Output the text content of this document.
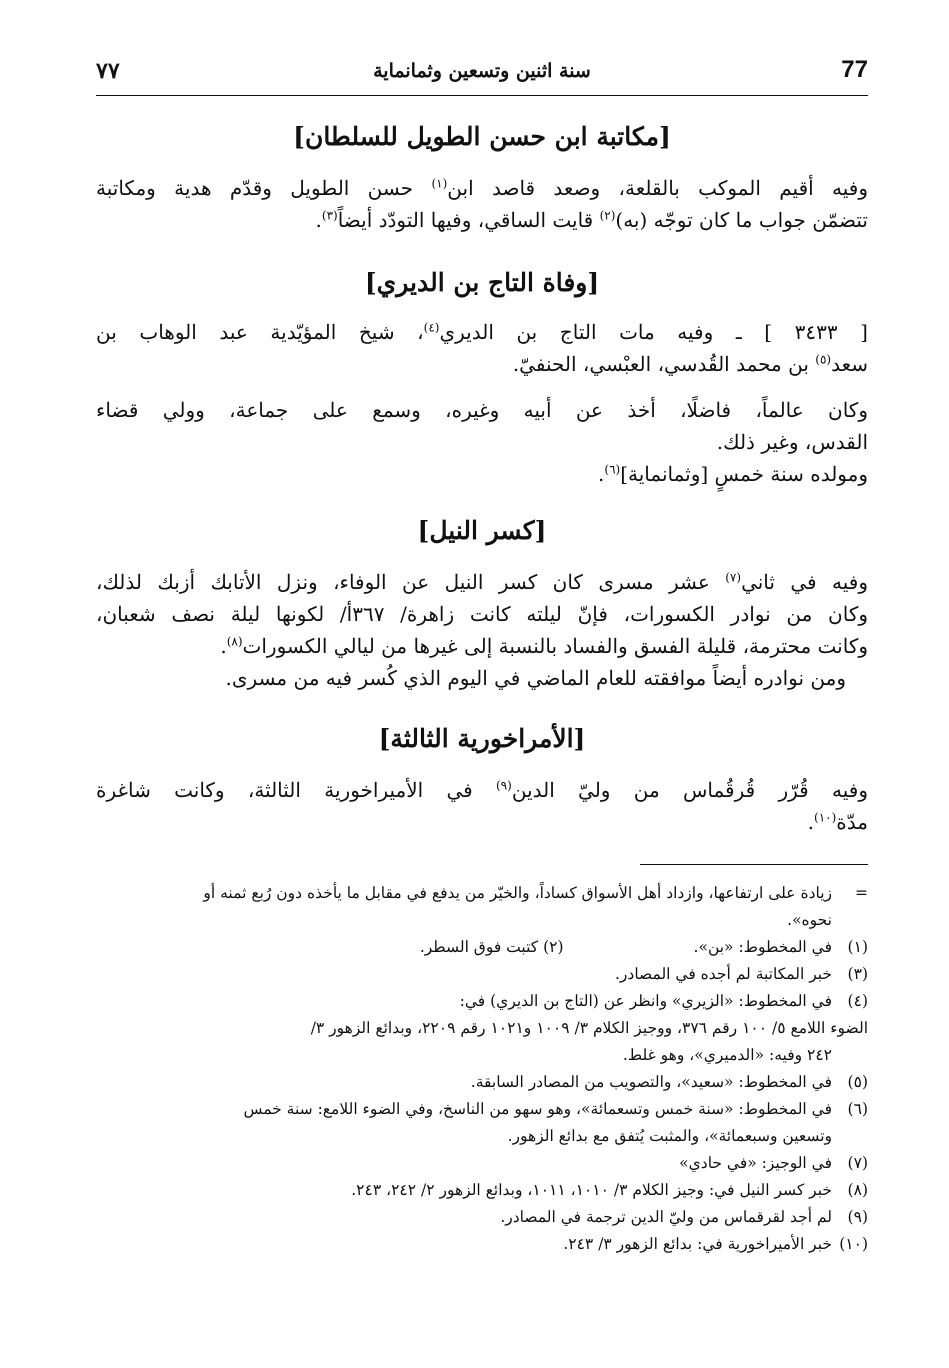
77
سنة اثنين وتسعين وثمانماية
٧٧
[مكاتبة ابن حسن الطويل للسلطان]
وفيه أقيم الموكب بالقلعة، وصعد قاصد ابن$^{(١)}$ حسن الطويل وقدّم هدية ومكاتبة
تتضمّن جواب ما كان توجّه (به)$^{(٢)}$ قايت الساقي، وفيها التودّد أيضاً$^{(٣)}$.
[وفاة التاج بن الديري]
[ ٣٤٣٣ ] ـ وفيه مات التاج بن الديري$^{(٤)}$، شيخ المؤيّدية عبد الوهاب بن
سعد$^{(٥)}$ بن محمد القُدسي، العبْسي، الحنفيّ.
وكان عالماً، فاضلًا، أخذ عن أبيه وغيره، وسمع على جماعة، وولي قضاء
القدس، وغير ذلك.
ومولده سنة خمسٍ [وثمانماية]$^{(٦)}$.
[كسر النيل]
وفيه في ثاني$^{(٧)}$ عشر مسرى كان كسر النيل عن الوفاء، ونزل الأتابك أزبك لذلك،
وكان من نوادر الكسورات، فإنّ ليلته كانت زاهرة/ ٣٦٧أ/ لكونها ليلة نصف شعبان،
وكانت محترمة، قليلة الفسق والفساد بالنسبة إلى غيرها من ليالي الكسورات$^{(٨)}$.
ومن نوادره أيضاً موافقته للعام الماضي في اليوم الذي كُسر فيه من مسرى.
[الأمراخورية الثالثة]
وفيه قُرّر قُرقُماس من وليّ الدين$^{(٩)}$ في الأميراخورية الثالثة، وكانت شاغرة
مدّة$^{(١٠)}$.
=
زيادة على ارتفاعها، وازداد أهل الأسواق كساداً، والخيّر من يدفع في مقابل ما يأخذه دون رُبع ثمنه أو
نحوه».
(١)
في المخطوط: «بن».
(٢) كتبت فوق السطر.
(٣)
خبر المكاتبة لم أجده في المصادر.
(٤)
في المخطوط: «الزيري» وانظر عن (التاج بن الديري) في:
الضوء اللامع ٥/ ١٠٠ رقم ٣٧٦، ووجيز الكلام ٣/ ١٠٠٩ و١٠٢١ رقم ٢٢٠٩، وبدائع الزهور ٣/
٢٤٢ وفيه: «الدميري»، وهو غلط.
(٥)
في المخطوط: «سعيد»، والتصويب من المصادر السابقة.
(٦)
في المخطوط: «سنة خمس وتسعمائة»، وهو سهو من الناسخ، وفي الضوء اللامع: سنة خمس
وتسعين وسبعمائة»، والمثبت يُتفق مع بدائع الزهور.
(٧)
في الوجيز: «في حادي»
(٨)
خبر كسر النيل في: وجيز الكلام ٣/ ١٠١٠، ١٠١١، وبدائع الزهور ٢/ ٢٤٢، ٢٤٣.
(٩)
لم أجد لقرقماس من وليّ الدين ترجمة في المصادر.
(١٠)
خبر الأميراخورية في: بدائع الزهور ٣/ ٢٤٣.
